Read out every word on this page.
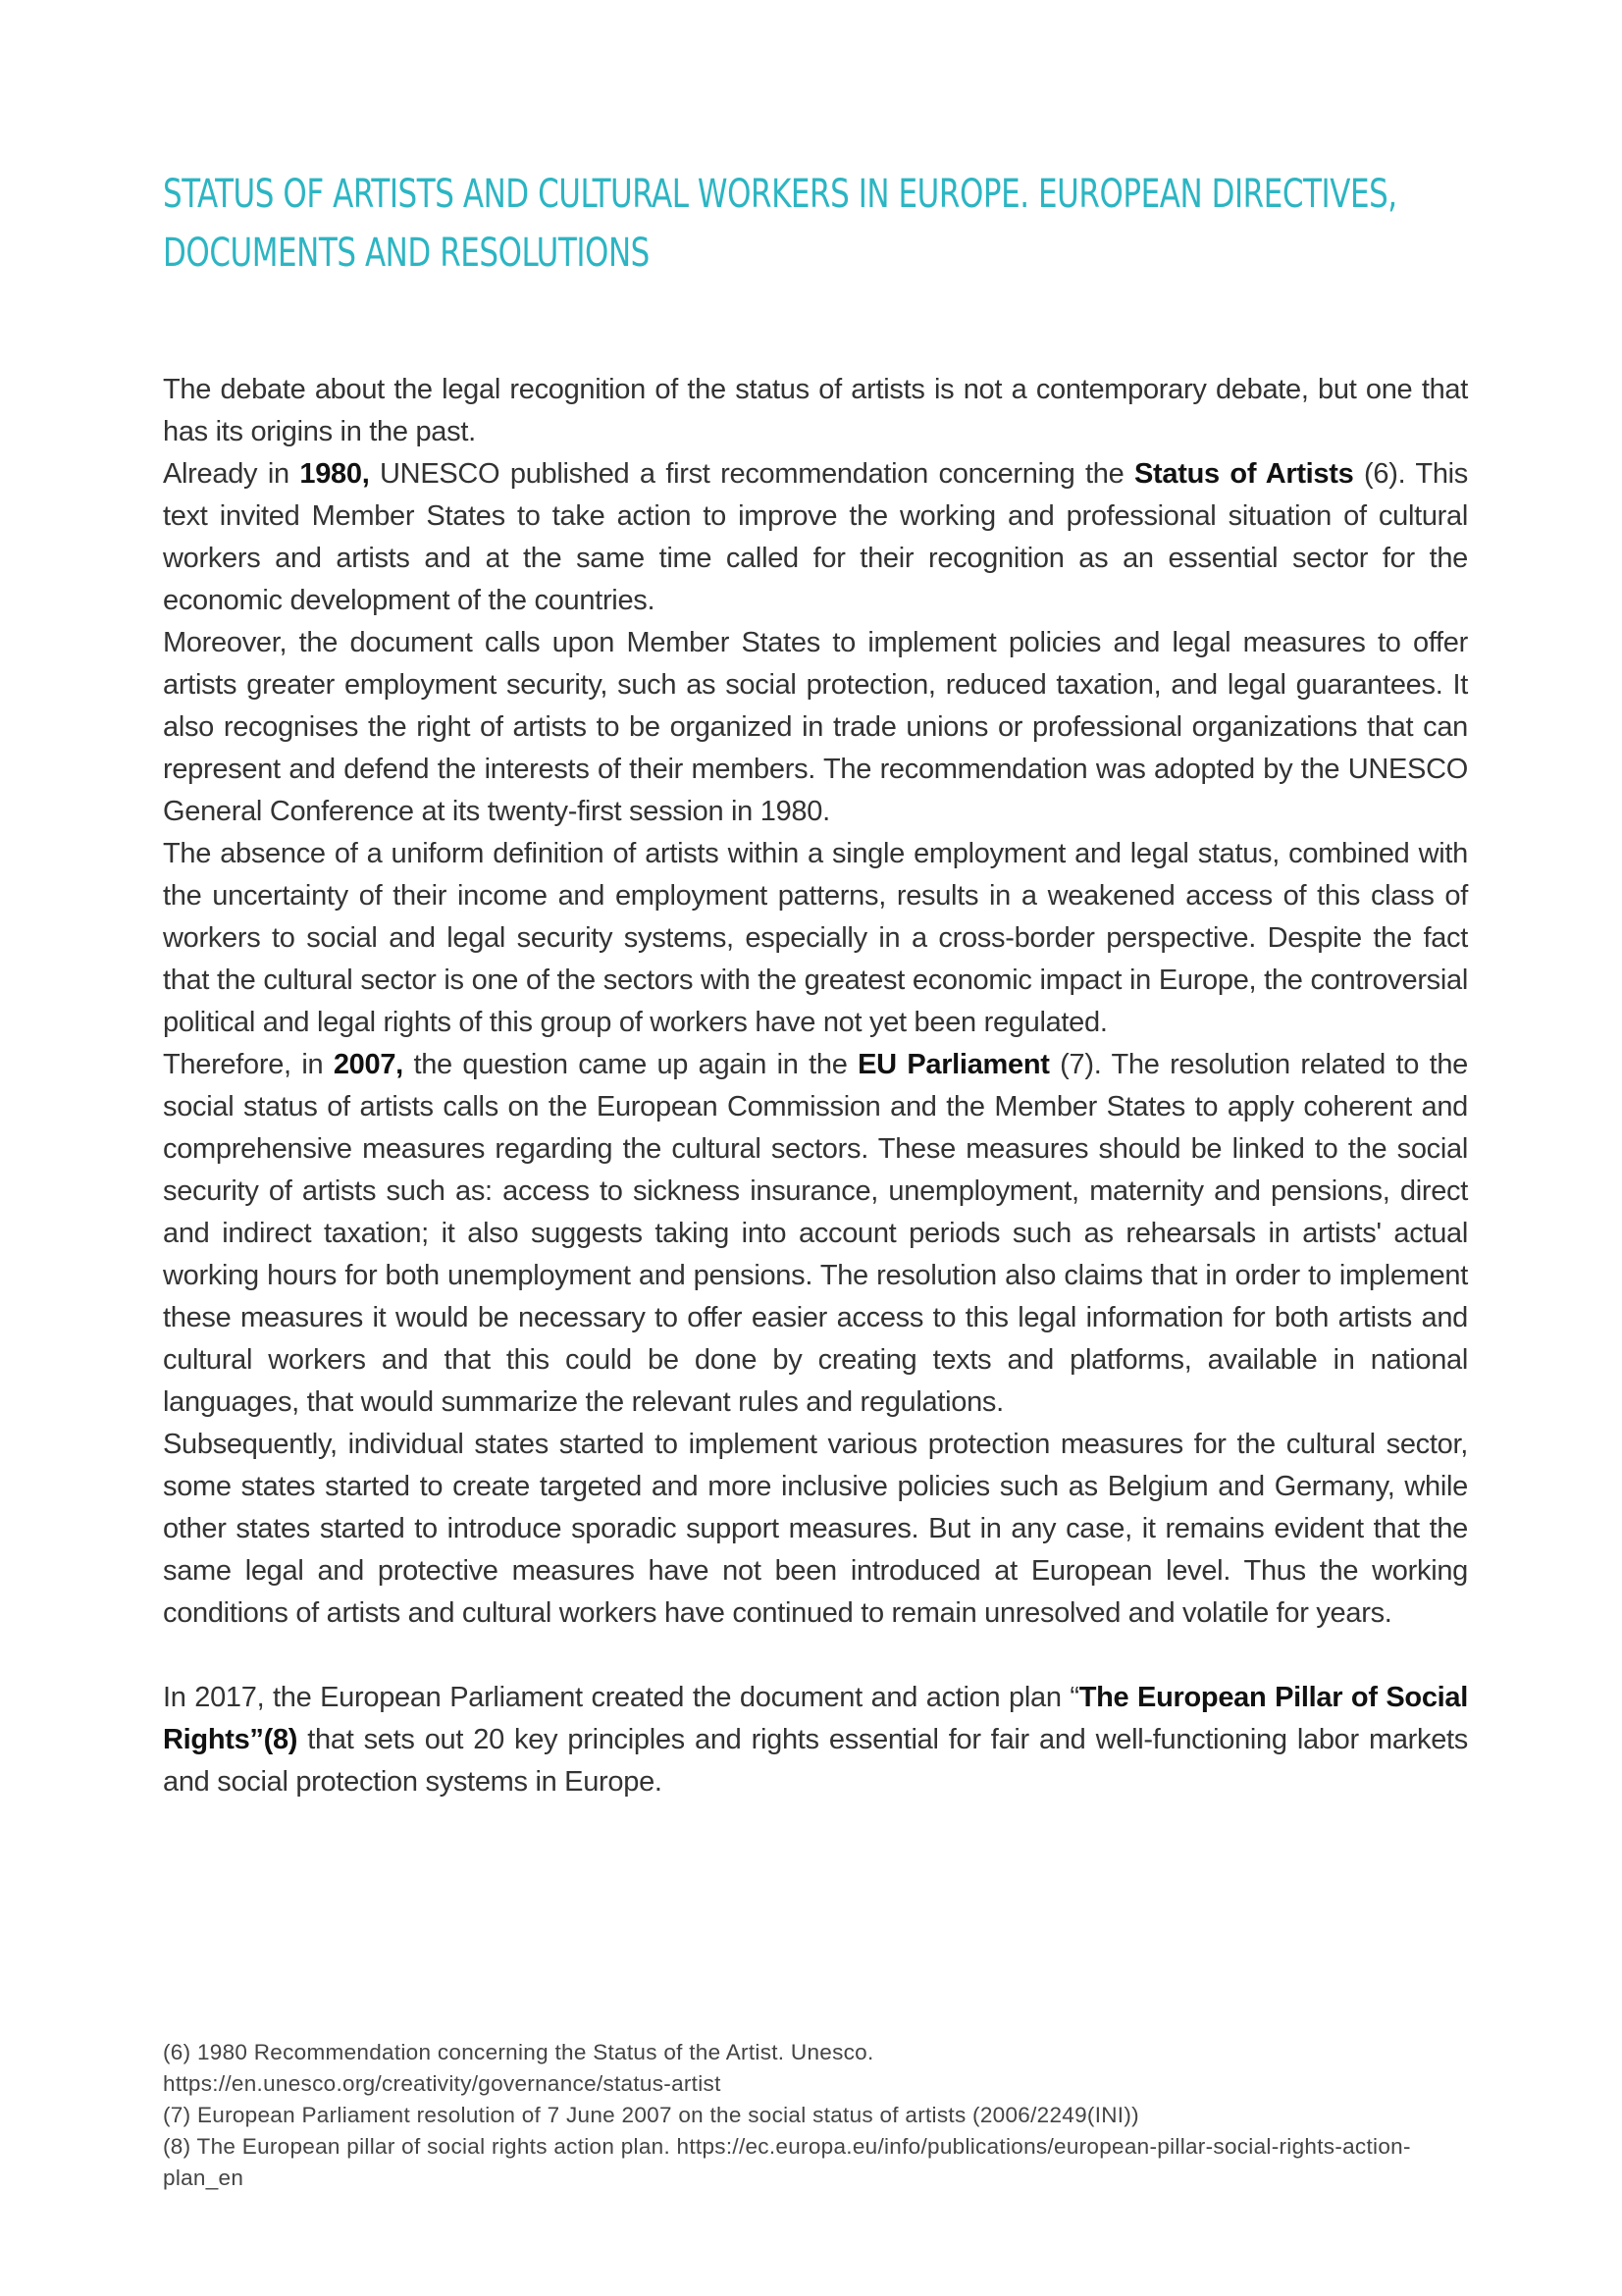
STATUS OF ARTISTS AND CULTURAL WORKERS IN EUROPE. EUROPEAN DIRECTIVES, DOCUMENTS AND RESOLUTIONS

The debate about the legal recognition of the status of artists is not a contemporary debate, but one that has its origins in the past.

Already in 1980, UNESCO published a first recommendation concerning the Status of Artists (6). This text invited Member States to take action to improve the working and professional situation of cultural workers and artists and at the same time called for their recognition as an essential sector for the economic development of the countries.

Moreover, the document calls upon Member States to implement policies and legal measures to offer artists greater employment security, such as social protection, reduced taxation, and legal guarantees. It also recognises the right of artists to be organized in trade unions or professional organizations that can represent and defend the interests of their members. The recommendation was adopted by the UNESCO General Conference at its twenty-first session in 1980.

The absence of a uniform definition of artists within a single employment and legal status, combined with the uncertainty of their income and employment patterns, results in a weakened access of this class of workers to social and legal security systems, especially in a cross-border perspective. Despite the fact that the cultural sector is one of the sectors with the greatest economic impact in Europe, the controversial political and legal rights of this group of workers have not yet been regulated.

Therefore, in 2007, the question came up again in the EU Parliament (7). The resolution related to the social status of artists calls on the European Commission and the Member States to apply coherent and comprehensive measures regarding the cultural sectors. These measures should be linked to the social security of artists such as: access to sickness insurance, unemployment, maternity and pensions, direct and indirect taxation; it also suggests taking into account periods such as rehearsals in artists' actual working hours for both unemployment and pensions. The resolution also claims that in order to implement these measures it would be necessary to offer easier access to this legal information for both artists and cultural workers and that this could be done by creating texts and platforms, available in national languages, that would summarize the relevant rules and regulations.

Subsequently, individual states started to implement various protection measures for the cultural sector, some states started to create targeted and more inclusive policies such as Belgium and Germany, while other states started to introduce sporadic support measures. But in any case, it remains evident that the same legal and protective measures have not been introduced at European level. Thus the working conditions of artists and cultural workers have continued to remain unresolved and volatile for years.

In 2017, the European Parliament created the document and action plan “The European Pillar of Social Rights”(8) that sets out 20 key principles and rights essential for fair and well-functioning labor markets and social protection systems in Europe.

(6) 1980 Recommendation concerning the Status of the Artist. Unesco.
https://en.unesco.org/creativity/governance/status-artist
(7) European Parliament resolution of 7 June 2007 on the social status of artists (2006/2249(INI))
(8) The European pillar of social rights action plan. https://ec.europa.eu/info/publications/european-pillar-social-rights-action-plan_en
